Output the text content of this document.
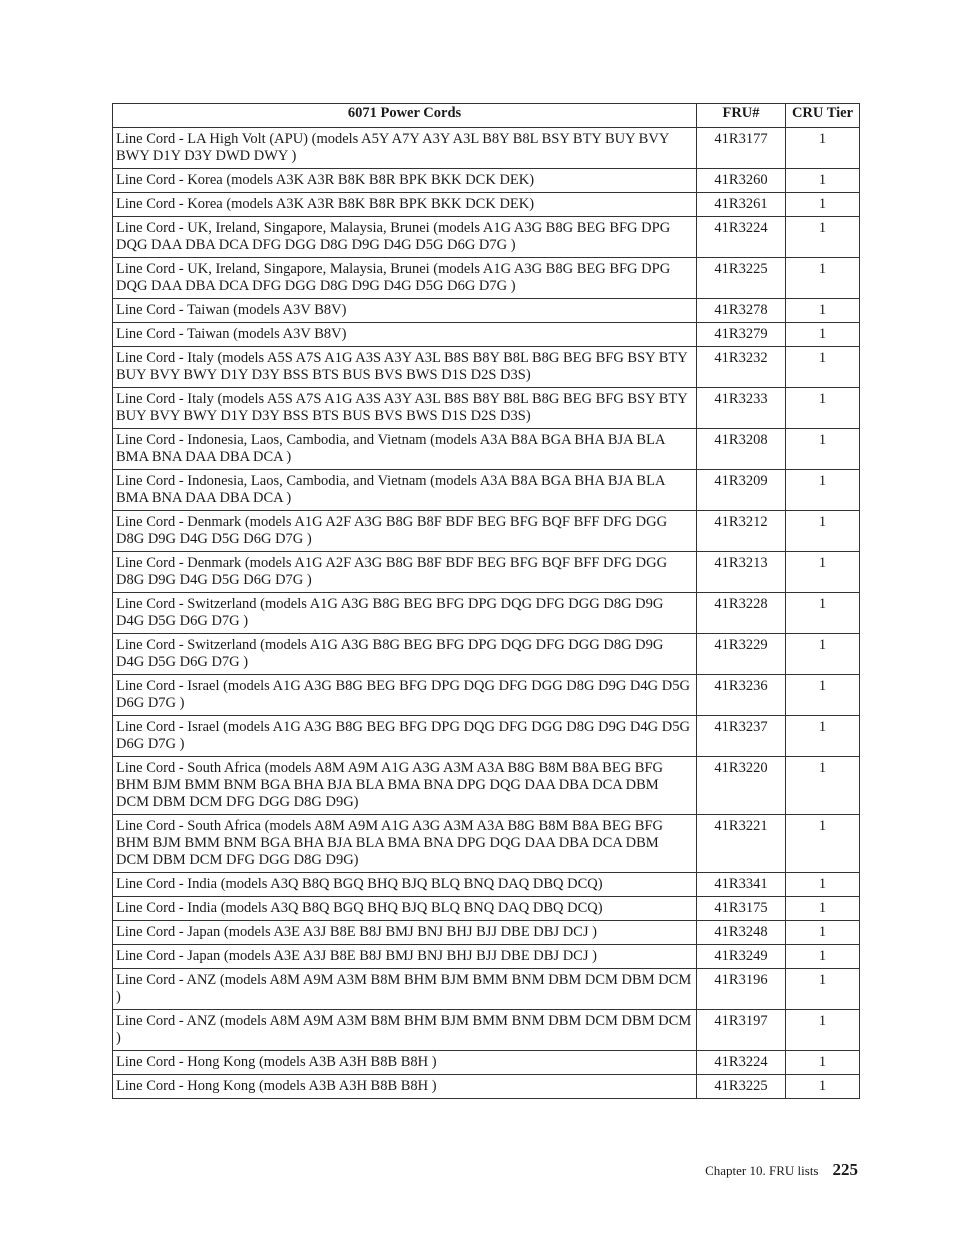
6071 Power Cords	FRU#	CRU Tier
Line Cord - LA High Volt (APU) (models A5Y A7Y A3Y A3L B8Y B8L BSY BTY BUY BVY BWY D1Y D3Y DWD DWY )	41R3177	1
Line Cord - Korea (models A3K A3R B8K B8R BPK BKK DCK DEK)	41R3260	1
Line Cord - Korea (models A3K A3R B8K B8R BPK BKK DCK DEK)	41R3261	1
Line Cord - UK, Ireland, Singapore, Malaysia, Brunei (models A1G A3G B8G BEG BFG DPG DQG DAA DBA DCA DFG DGG D8G D9G D4G D5G D6G D7G )	41R3224	1
Line Cord - UK, Ireland, Singapore, Malaysia, Brunei (models A1G A3G B8G BEG BFG DPG DQG DAA DBA DCA DFG DGG D8G D9G D4G D5G D6G D7G )	41R3225	1
Line Cord - Taiwan (models A3V B8V)	41R3278	1
Line Cord - Taiwan (models A3V B8V)	41R3279	1
Line Cord - Italy (models A5S A7S A1G A3S A3Y A3L B8S B8Y B8L B8G BEG BFG BSY BTY BUY BVY BWY D1Y D3Y BSS BTS BUS BVS BWS D1S D2S D3S)	41R3232	1
Line Cord - Italy (models A5S A7S A1G A3S A3Y A3L B8S B8Y B8L B8G BEG BFG BSY BTY BUY BVY BWY D1Y D3Y BSS BTS BUS BVS BWS D1S D2S D3S)	41R3233	1
Line Cord - Indonesia, Laos, Cambodia, and Vietnam (models A3A B8A BGA BHA BJA BLA BMA BNA DAA DBA DCA )	41R3208	1
Line Cord - Indonesia, Laos, Cambodia, and Vietnam (models A3A B8A BGA BHA BJA BLA BMA BNA DAA DBA DCA )	41R3209	1
Line Cord - Denmark (models A1G A2F A3G B8G B8F BDF BEG BFG BQF BFF DFG DGG D8G D9G D4G D5G D6G D7G )	41R3212	1
Line Cord - Denmark (models A1G A2F A3G B8G B8F BDF BEG BFG BQF BFF DFG DGG D8G D9G D4G D5G D6G D7G )	41R3213	1
Line Cord - Switzerland (models A1G A3G B8G BEG BFG DPG DQG DFG DGG D8G D9G D4G D5G D6G D7G )	41R3228	1
Line Cord - Switzerland (models A1G A3G B8G BEG BFG DPG DQG DFG DGG D8G D9G D4G D5G D6G D7G )	41R3229	1
Line Cord - Israel (models A1G A3G B8G BEG BFG DPG DQG DFG DGG D8G D9G D4G D5G D6G D7G )	41R3236	1
Line Cord - Israel (models A1G A3G B8G BEG BFG DPG DQG DFG DGG D8G D9G D4G D5G D6G D7G )	41R3237	1
Line Cord - South Africa (models A8M A9M A1G A3G A3M A3A B8G B8M B8A BEG BFG BHM BJM BMM BNM BGA BHA BJA BLA BMA BNA DPG DQG DAA DBA DCA DBM DCM DBM DCM DFG DGG D8G D9G)	41R3220	1
Line Cord - South Africa (models A8M A9M A1G A3G A3M A3A B8G B8M B8A BEG BFG BHM BJM BMM BNM BGA BHA BJA BLA BMA BNA DPG DQG DAA DBA DCA DBM DCM DBM DCM DFG DGG D8G D9G)	41R3221	1
Line Cord - India (models A3Q B8Q BGQ BHQ BJQ BLQ BNQ DAQ DBQ DCQ)	41R3341	1
Line Cord - India (models A3Q B8Q BGQ BHQ BJQ BLQ BNQ DAQ DBQ DCQ)	41R3175	1
Line Cord - Japan (models A3E A3J B8E B8J BMJ BNJ BHJ BJJ DBE DBJ DCJ )	41R3248	1
Line Cord - Japan (models A3E A3J B8E B8J BMJ BNJ BHJ BJJ DBE DBJ DCJ )	41R3249	1
Line Cord - ANZ (models A8M A9M A3M B8M BHM BJM BMM BNM DBM DCM DBM DCM )	41R3196	1
Line Cord - ANZ (models A8M A9M A3M B8M BHM BJM BMM BNM DBM DCM DBM DCM )	41R3197	1
Line Cord - Hong Kong (models A3B A3H B8B B8H )	41R3224	1
Line Cord - Hong Kong (models A3B A3H B8B B8H )	41R3225	1
Chapter 10. FRU lists 225
